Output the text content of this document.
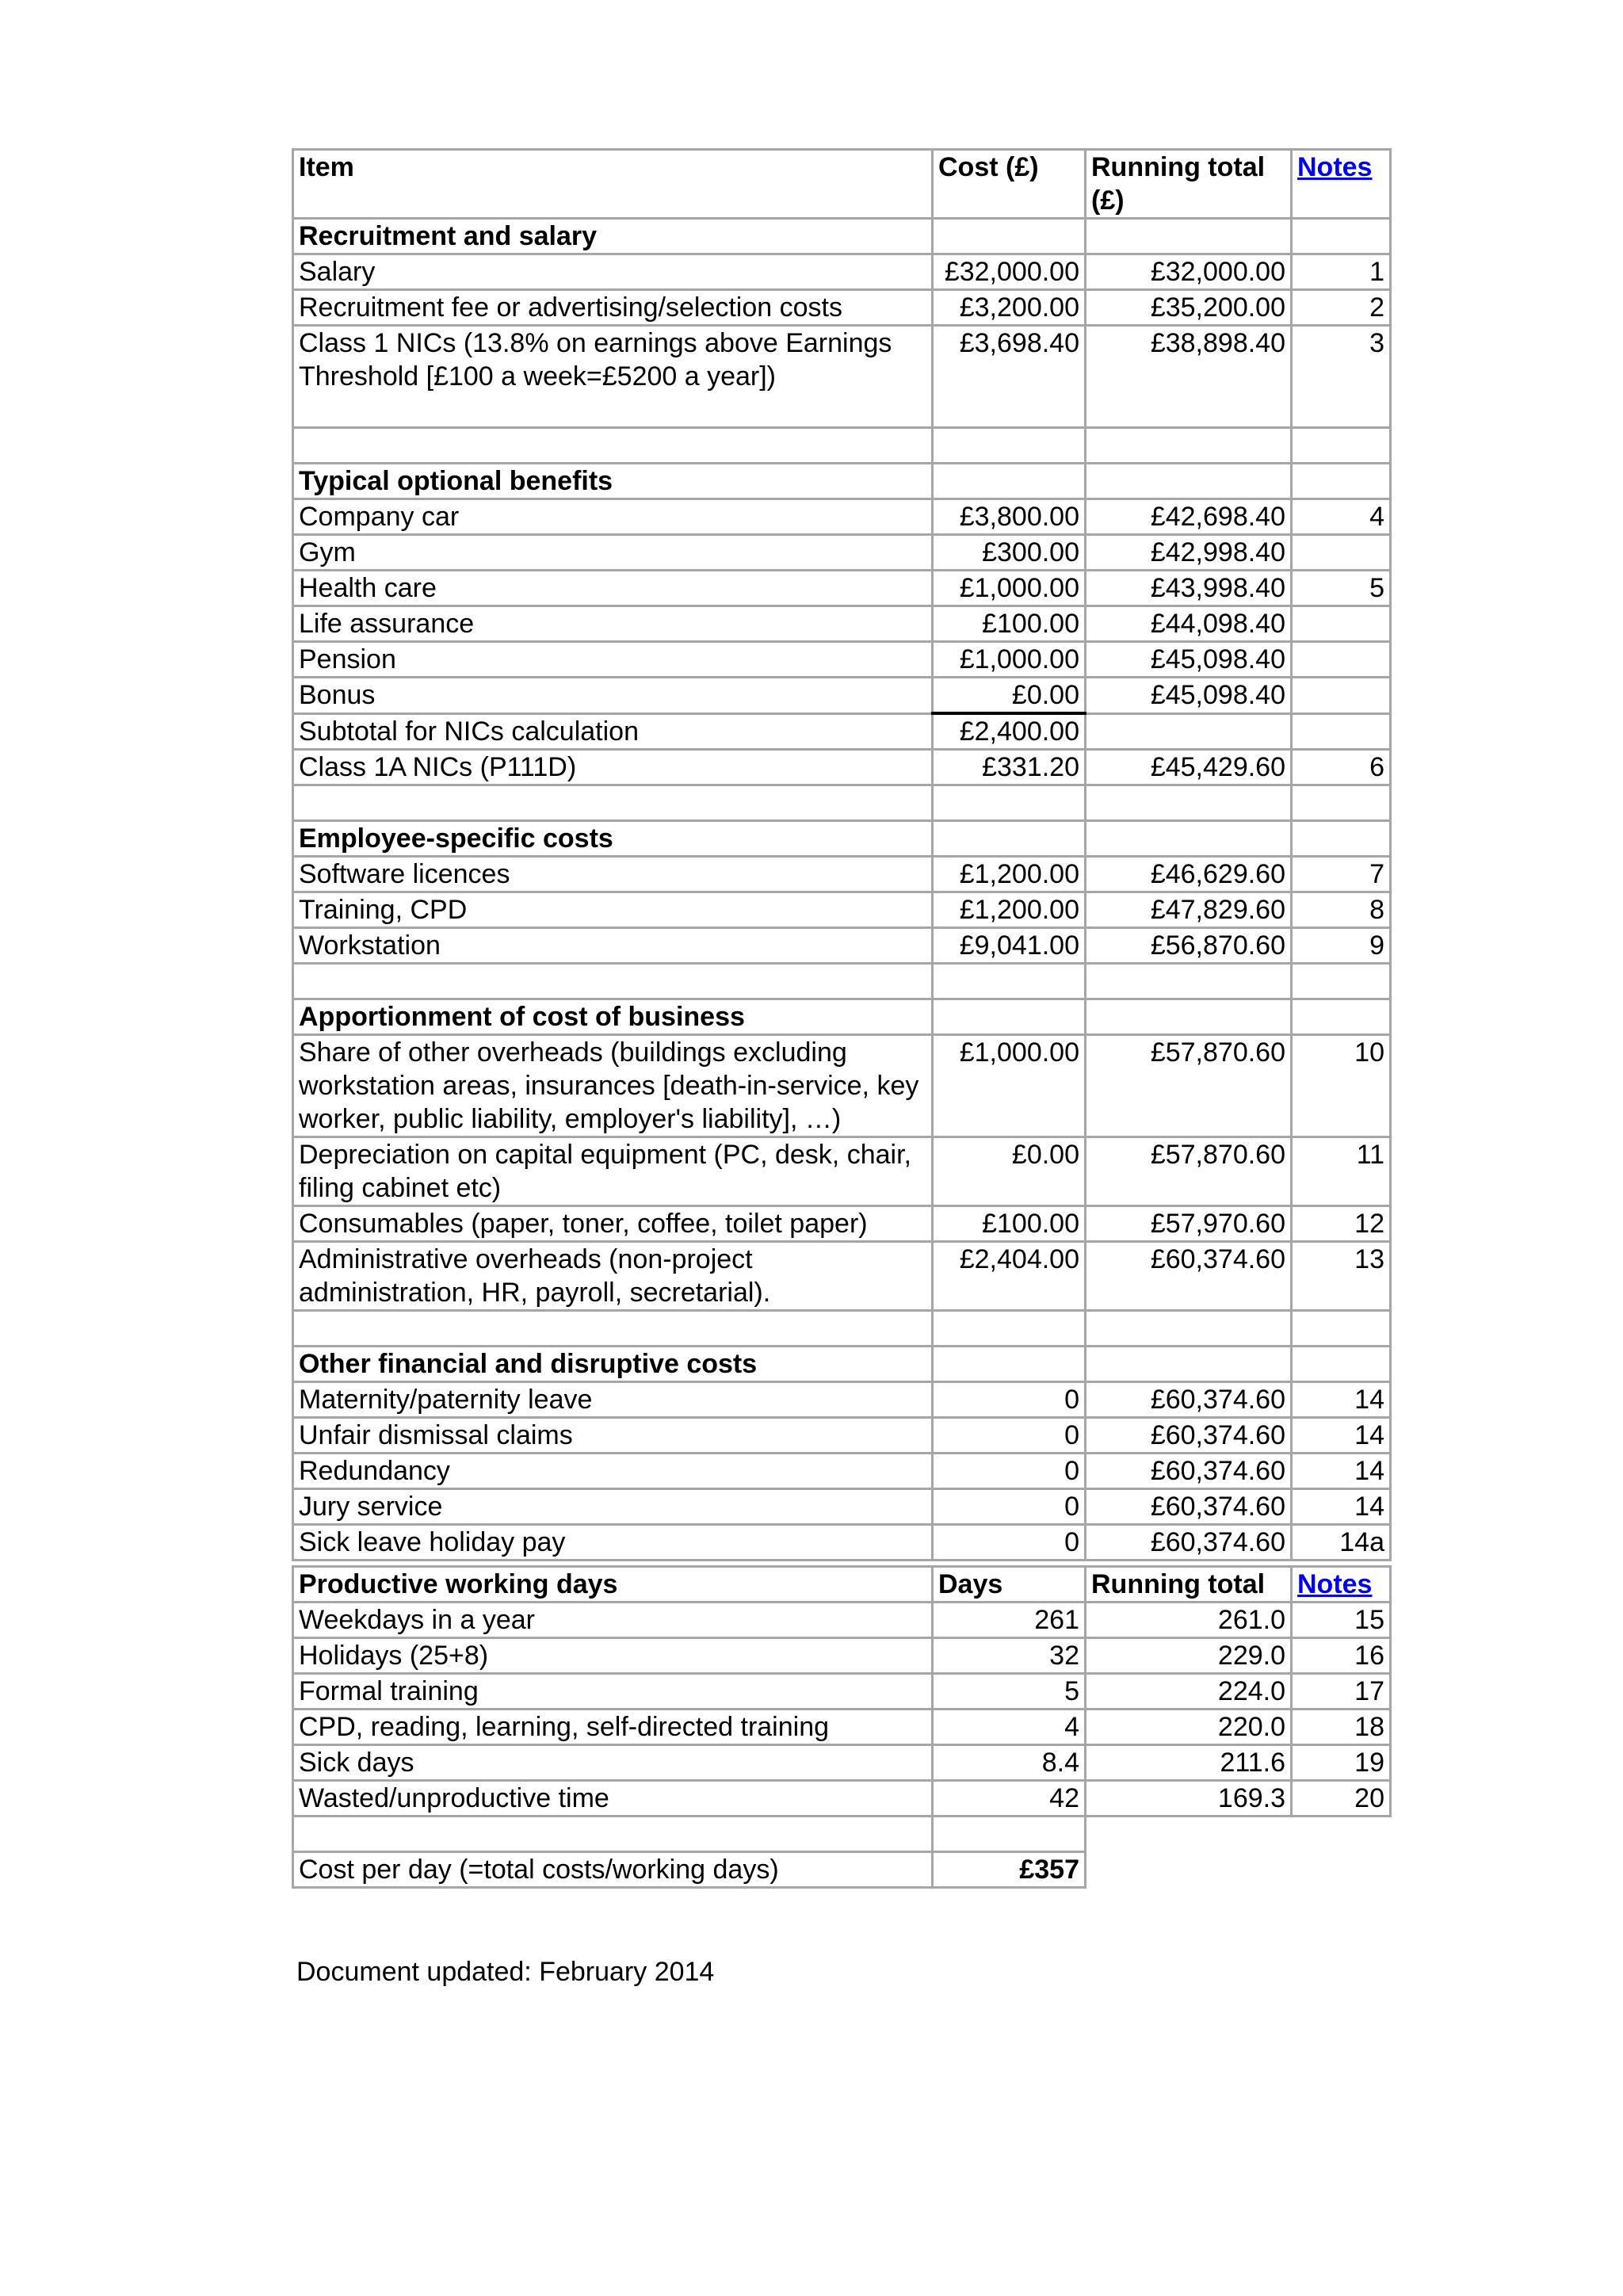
Item	Cost (£)	Running total (£)	Notes
Recruitment and salary			
Salary	£32,000.00	£32,000.00	1
Recruitment fee or advertising/selection costs	£3,200.00	£35,200.00	2
Class 1 NICs (13.8% on earnings above Earnings Threshold [£100 a week=£5200 a year])	£3,698.40	£38,898.40	3

Typical optional benefits			
Company car	£3,800.00	£42,698.40	4
Gym	£300.00	£42,998.40	
Health care	£1,000.00	£43,998.40	5
Life assurance	£100.00	£44,098.40	
Pension	£1,000.00	£45,098.40	
Bonus	£0.00	£45,098.40	
Subtotal for NICs calculation	£2,400.00		
Class 1A NICs (P111D)	£331.20	£45,429.60	6

Employee-specific costs			
Software licences	£1,200.00	£46,629.60	7
Training, CPD	£1,200.00	£47,829.60	8
Workstation	£9,041.00	£56,870.60	9

Apportionment of cost of business			
Share of other overheads (buildings excluding workstation areas, insurances [death-in-service, key worker, public liability, employer's liability], …)	£1,000.00	£57,870.60	10
Depreciation on capital equipment (PC, desk, chair, filing cabinet etc)	£0.00	£57,870.60	11
Consumables (paper, toner, coffee, toilet paper)	£100.00	£57,970.60	12
Administrative overheads (non-project administration, HR, payroll, secretarial).	£2,404.00	£60,374.60	13

Other financial and disruptive costs			
Maternity/paternity leave	0	£60,374.60	14
Unfair dismissal claims	0	£60,374.60	14
Redundancy	0	£60,374.60	14
Jury service	0	£60,374.60	14
Sick leave holiday pay	0	£60,374.60	14a
Productive working days	Days	Running total	Notes
Weekdays in a year	261	261.0	15
Holidays (25+8)	32	229.0	16
Formal training	5	224.0	17
CPD, reading, learning, self-directed training	4	220.0	18
Sick days	8.4	211.6	19
Wasted/unproductive time	42	169.3	20

Cost per day (=total costs/working days)	£357		
Document updated: February 2014
